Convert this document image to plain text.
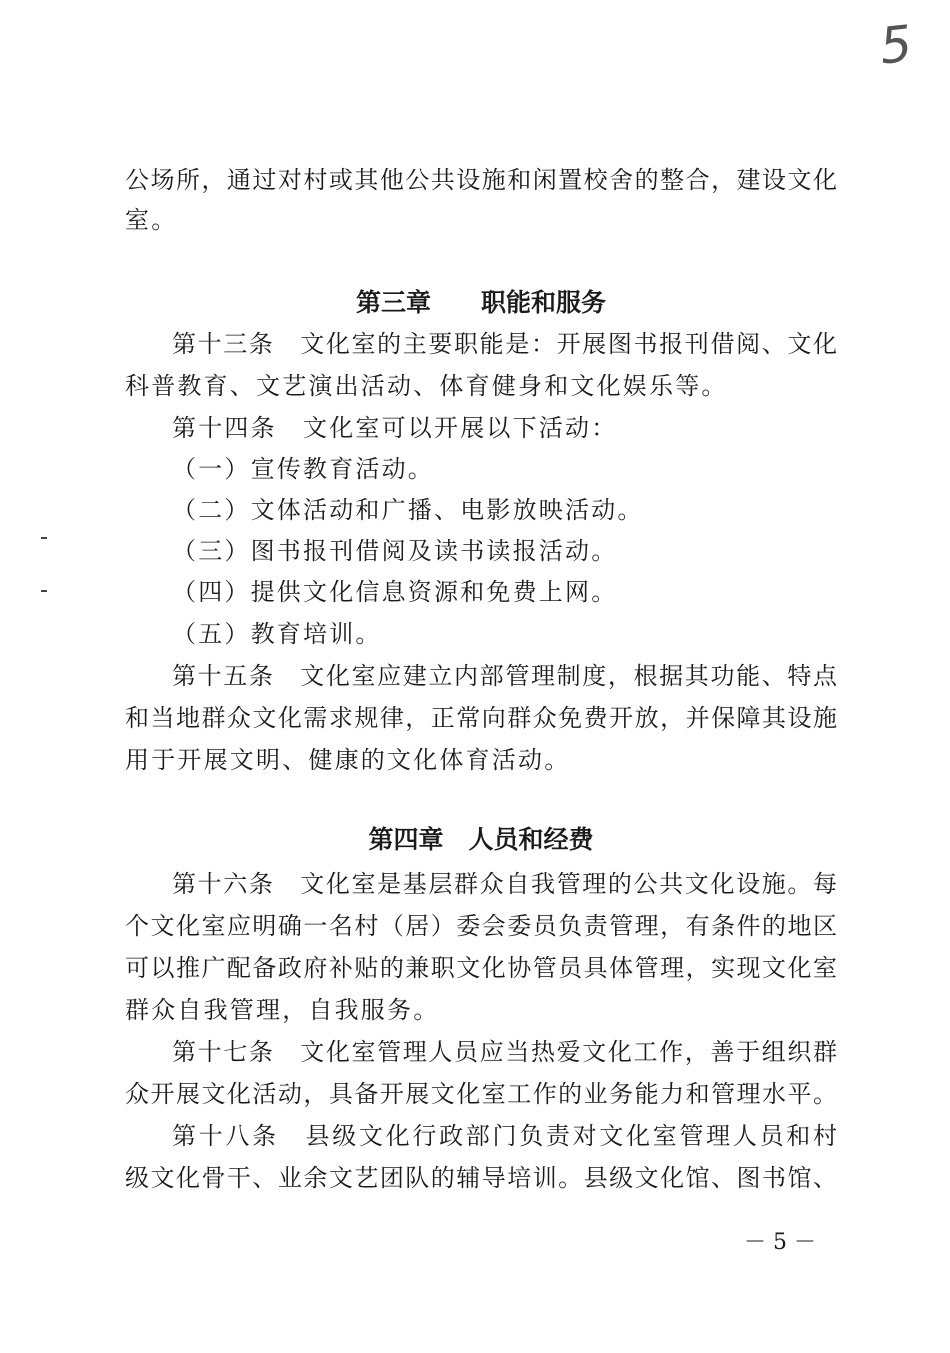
5
公场所，通过对村或其他公共设施和闲置校舍的整合，建设文化
室。
第三章　　职能和服务
第十三条　文化室的主要职能是：开展图书报刊借阅、文化
科普教育、文艺演出活动、体育健身和文化娱乐等。
第十四条　文化室可以开展以下活动：
（一）宣传教育活动。
（二）文体活动和广播、电影放映活动。
（三）图书报刊借阅及读书读报活动。
（四）提供文化信息资源和免费上网。
（五）教育培训。
第十五条　文化室应建立内部管理制度，根据其功能、特点
和当地群众文化需求规律，正常向群众免费开放，并保障其设施
用于开展文明、健康的文化体育活动。
第四章　人员和经费
第十六条　文化室是基层群众自我管理的公共文化设施。每
个文化室应明确一名村（居）委会委员负责管理，有条件的地区
可以推广配备政府补贴的兼职文化协管员具体管理，实现文化室
群众自我管理，自我服务。
第十七条　文化室管理人员应当热爱文化工作，善于组织群
众开展文化活动，具备开展文化室工作的业务能力和管理水平。
第十八条　县级文化行政部门负责对文化室管理人员和村
级文化骨干、业余文艺团队的辅导培训。县级文化馆、图书馆、
－ 5 －
